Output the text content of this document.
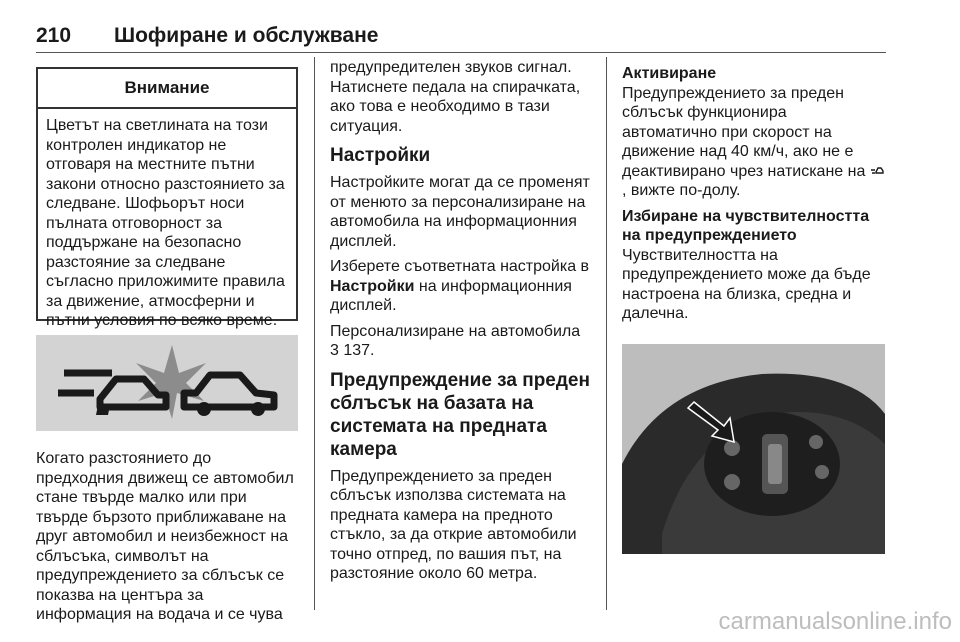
210 Шофиране и обслужване
Внимание
Цветът на светлината на този контролен индикатор не отговаря на местните пътни закони относно разстоянието за следване. Шофьорът носи пълната отговорност за поддържане на безопасно разстояние за следване съгласно приложимите правила за движение, атмосферни и пътни условия по всяко време.

Когато разстоянието до предходния движещ се автомобил стане твърде малко или при твърде бързото приближаване на друг автомобил и неизбежност на сблъсъка, символът на предупреждението за сблъсък се показва на центъра за информация на водача и се чува

предупредителен звуков сигнал. Натиснете педала на спирачката, ако това е необходимо в тази ситуация.

Настройки

Настройките могат да се променят от менюто за персонализиране на автомобила на информационния дисплей.

Изберете съответната настройка в Настройки на информационния дисплей.

Персонализиране на автомобила
3 137.

Предупреждение за преден сблъсък на базата на системата на предната камера

Предупреждението за преден сблъсък използва системата на предната камера на предното стъкло, за да открие автомобили точно отпред, по вашия път, на разстояние около 60 метра.

Активиране

Предупреждението за преден сблъсък функционира автоматично при скорост на движение над 40 км/ч, ако не е деактивирано чрез натискане на , вижте по-долу.

Избиране на чувствителността на предупреждението

Чувствителността на предупреждението може да бъде настроена на близка, средна и далечна.

carmanualsonline.info
